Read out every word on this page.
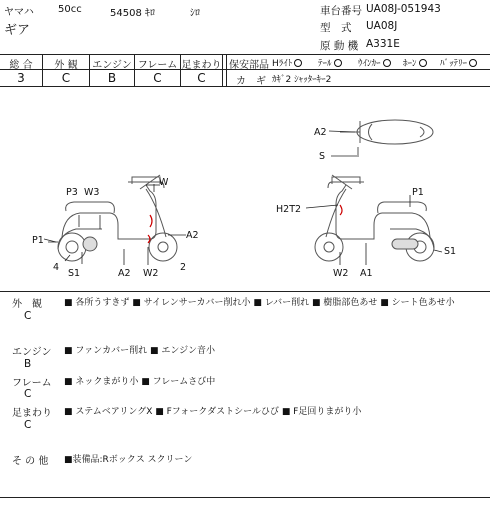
ヤマハ 50cc	54508 ｷﾛ	ｼﾛ
ギア
車台番号 UA08J-051943
型　式 UA08J
原 動 機 A331E
総 合	外 観	エンジン フレーム 足まわり
3	C	B	C	C
保安部品 Hﾗｲﾄ	ﾃｰﾙ	ｳｲﾝｶｰ	ﾎｰﾝ	ﾊﾞｯﾃﾘｰ
カ　ギ ｶｷﾞ2 ｼｬｯﾀｰｷｰ2
W
P3 W3
P1	A2
4
S1	A2 W2
2
A2
S
H2T2
P1
S1
W2 A1
外　観
C
■ 各所うすきず ■ サイレンサーカバー削れ小 ■ レバー削れ ■ 樹脂部色あせ ■ シート色あせ小
エンジン
B
■ ファンカバー削れ ■ エンジン音小
フレーム
C
■ ネックまがり小 ■ フレームさび中
足まわり
C
■ ステムベアリングX ■ Fフォークダストシールひび ■ F足回りまがり小
そ の 他 ■装備品:Rボックス スクリーン
